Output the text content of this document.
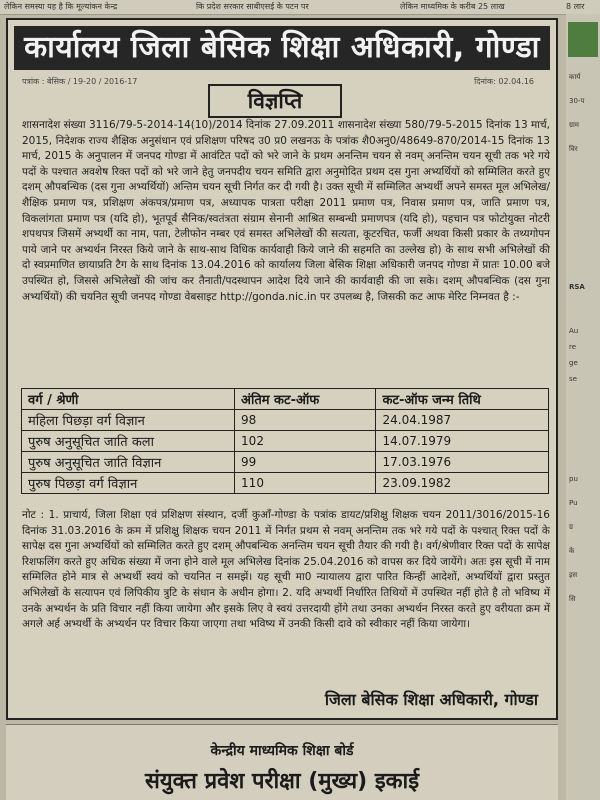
लेकिन समस्या यह है कि मूल्यांकन केन्द्र	कि प्रदेश सरकार साबीएसई के पटन पर	लेकिन माध्यमिक के करीब 25 लाख	8 लार
कार्य
30-प
ग्राम
विर
RSA
Au
re
ge
se
pu
Pu
ग्र
के
इस
सि
कार्यालय जिला बेसिक शिक्षा अधिकारी, गोण्डा
पत्रांक : बेसिक / 19-20 / 2016-17	दिनांक: 02.04.16
विज्ञप्ति
शासनादेश संख्या 3116/79-5-2014-14(10)/2014 दिनांक 27.09.2011 शासनादेश संख्या 580/79-5-2015 दिनांक 13 मार्च, 2015, निदेशक राज्य शैक्षिक अनुसंधान एवं प्रशिक्षण परिषद उ0 प्र0 लखनऊ के पत्रांक शै0अनु0/48649-870/2014-15 दिनांक 13 मार्च, 2015 के अनुपालन में जनपद गोण्डा में आवंटित पदों को भरे जाने के प्रथम अनन्तिम चयन से नवम् अनन्तिम चयन सूची तक भरे गये पदों के पश्चात अवशेष रिक्त पदों को भरे जाने हेतु जनपदीय चयन समिति द्वारा अनुमोदित प्रथम दस गुना अभ्यर्थियों को सम्मिलित करते हुए दशम् औपबन्धिक (दस गुना अभ्यर्थियों) अन्तिम चयन सूची निर्गत कर दी गयी है। उक्त सूची में सम्मिलित अभ्यर्थी अपने समस्त मूल अभिलेख/शैक्षिक प्रमाण पत्र, प्रशिक्षण अंकपत्र/प्रमाण पत्र, अध्यापक पात्रता परीक्षा 2011 प्रमाण पत्र, निवास प्रमाण पत्र, जाति प्रमाण पत्र, विकलांगता प्रमाण पत्र (यदि हो), भूतपूर्व सैनिक/स्वतंत्रता संग्राम सेनानी आश्रित सम्बन्धी प्रमाणपत्र (यदि हो), पहचान पत्र फोटोयुक्त नोटरी शपथपत्र जिसमें अभ्यर्थी का नाम, पता, टेलीफोन नम्बर एवं समस्त अभिलेखों की सत्यता, कूटरचित, फर्जी अथवा किसी प्रकार के तथ्यगोपन पाये जाने पर अभ्यर्थन निरस्त किये जाने के साथ-साथ विधिक कार्यवाही किये जाने की सहमति का उल्लेख हो) के साथ सभी अभिलेखों की दो स्वप्रमाणित छायाप्रति टैग के साथ दिनांक 13.04.2016 को कार्यालय जिला बेसिक शिक्षा अधिकारी जनपद गोण्डा में प्रातः 10.00 बजे उपस्थित हो, जिससे अभिलेखों की जांच कर तैनाती/पदस्थापन आदेश दिये जाने की कार्यवाही की जा सके। दशम् औपबन्धिक (दस गुना अभ्यर्थियों) की चयनित सूची जनपद गोण्डा वेबसाइट http://gonda.nic.in पर उपलब्ध है, जिसकी कट आफ मेरिट निम्नवत है :-
वर्ग / श्रेणी	अंतिम कट-ऑफ	कट-ऑफ जन्म तिथि
महिला पिछड़ा वर्ग विज्ञान	98	24.04.1987
पुरुष अनुसूचित जाति कला	102	14.07.1979
पुरुष अनुसूचित जाति विज्ञान	99	17.03.1976
पुरुष पिछड़ा वर्ग विज्ञान	110	23.09.1982
नोट : 1. प्राचार्य, जिला शिक्षा एवं प्रशिक्षण संस्थान, दर्जी कुआँ-गोण्डा के पत्रांक डायट/प्रशिक्षु शिक्षक चयन 2011/3016/2015-16 दिनांक 31.03.2016 के क्रम में प्रशिक्षु शिक्षक चयन 2011 में निर्गत प्रथम से नवम् अनन्तिम तक भरे गये पदों के पश्चात् रिक्त पदों के सापेक्ष दस गुना अभ्यर्थियों को सम्मिलित करते हुए दशम् औपबन्धिक अनन्तिम चयन सूची तैयार की गयी है। वर्ग/श्रेणीवार रिक्त पदों के सापेक्ष रिशफलिंग करते हुए अधिक संख्या में जना होने वाले मूल अभिलेख दिनांक 25.04.2016 को वापस कर दिये जायेंगे। अतः इस सूची में नाम सम्मिलित होने मात्र से अभ्यर्थी स्वयं को चयनित न समझें। यह सूची मा0 न्यायालय द्वारा पारित किन्हीं आदेशों, अभ्यर्थियों द्वारा प्रस्तुत अभिलेखों के सत्यापन एवं लिपिकीय त्रुटि के संधान के अधीन होगा। 2. यदि अभ्यर्थी निर्धारित तिथियों में उपस्थित नहीं होते है तो भविष्य में उनके अभ्यर्थन के प्रति विचार नहीं किया जायेगा और इसके लिए वे स्वयं उत्तरदायी होंगे तथा उनका अभ्यर्थन निरस्त करते हुए वरीयता क्रम में अगले अर्ह अभ्यर्थी के अभ्यर्थन पर विचार किया जाएगा तथा भविष्य में उनकी किसी दावे को स्वीकार नहीं किया जायेगा।
जिला बेसिक शिक्षा अधिकारी, गोण्डा
केन्द्रीय माध्यमिक शिक्षा बोर्ड
संयुक्त प्रवेश परीक्षा (मुख्य) इकाई
